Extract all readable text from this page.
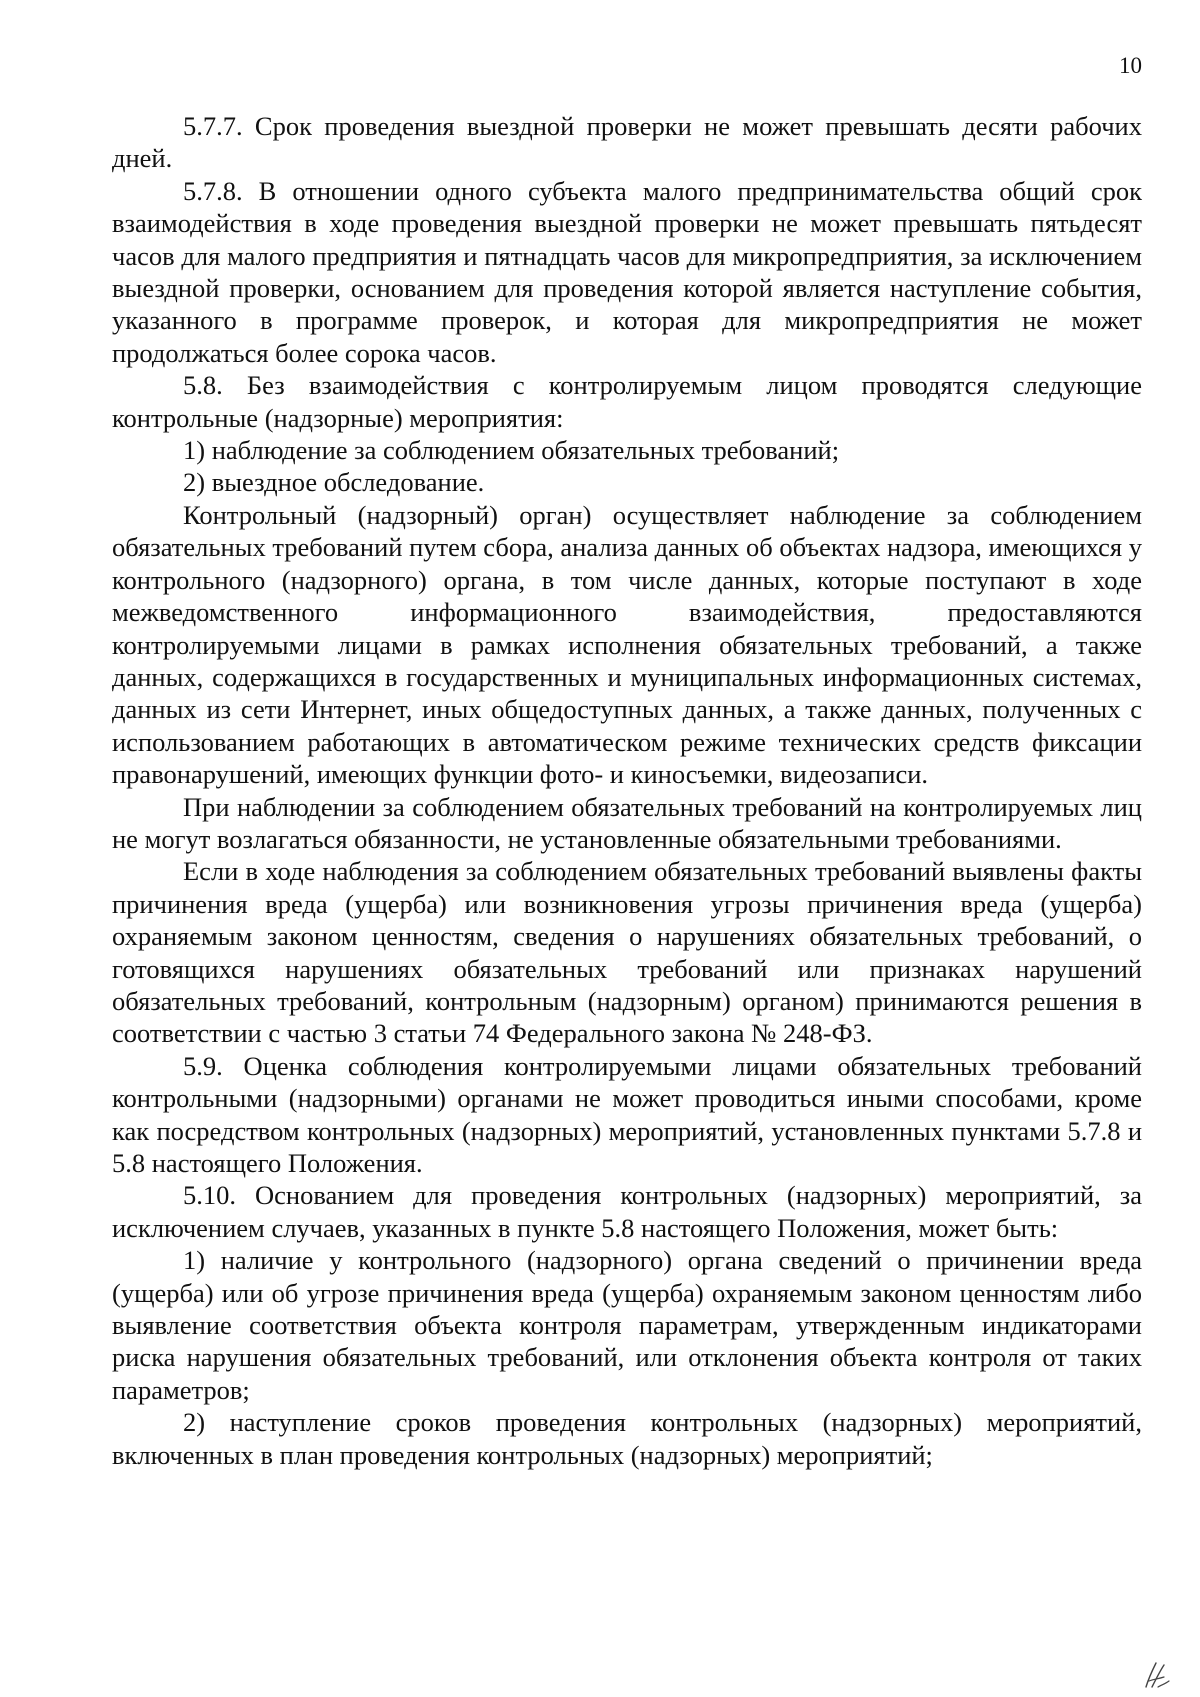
10

5.7.7. Срок проведения выездной проверки не может превышать десяти рабочих дней.

5.7.8. В отношении одного субъекта малого предпринимательства общий срок взаимодействия в ходе проведения выездной проверки не может превышать пятьдесят часов для малого предприятия и пятнадцать часов для микропредприятия, за исключением выездной проверки, основанием для проведения которой является наступление события, указанного в программе проверок, и которая для микропредприятия не может продолжаться более сорока часов.

5.8. Без взаимодействия с контролируемым лицом проводятся следующие контрольные (надзорные) мероприятия:

1) наблюдение за соблюдением обязательных требований;

2) выездное обследование.

Контрольный (надзорный) орган) осуществляет наблюдение за соблюдением обязательных требований путем сбора, анализа данных об объектах надзора, имеющихся у контрольного (надзорного) органа, в том числе данных, которые поступают в ходе межведомственного информационного взаимодействия, предоставляются контролируемыми лицами в рамках исполнения обязательных требований, а также данных, содержащихся в государственных и муниципальных информационных системах, данных из сети Интернет, иных общедоступных данных, а также данных, полученных с использованием работающих в автоматическом режиме технических средств фиксации правонарушений, имеющих функции фото- и киносъемки, видеозаписи.

При наблюдении за соблюдением обязательных требований на контролируемых лиц не могут возлагаться обязанности, не установленные обязательными требованиями.

Если в ходе наблюдения за соблюдением обязательных требований выявлены факты причинения вреда (ущерба) или возникновения угрозы причинения вреда (ущерба) охраняемым законом ценностям, сведения о нарушениях обязательных требований, о готовящихся нарушениях обязательных требований или признаках нарушений обязательных требований, контрольным (надзорным) органом) принимаются решения в соответствии с частью 3 статьи 74 Федерального закона № 248-ФЗ.

5.9. Оценка соблюдения контролируемыми лицами обязательных требований контрольными (надзорными) органами не может проводиться иными способами, кроме как посредством контрольных (надзорных) мероприятий, установленных пунктами 5.7.8 и 5.8 настоящего Положения.

5.10. Основанием для проведения контрольных (надзорных) мероприятий, за исключением случаев, указанных в пункте 5.8 настоящего Положения, может быть:

1) наличие у контрольного (надзорного) органа сведений о причинении вреда (ущерба) или об угрозе причинения вреда (ущерба) охраняемым законом ценностям либо выявление соответствия объекта контроля параметрам, утвержденным индикаторами риска нарушения обязательных требований, или отклонения объекта контроля от таких параметров;

2) наступление сроков проведения контрольных (надзорных) мероприятий, включенных в план проведения контрольных (надзорных) мероприятий;
